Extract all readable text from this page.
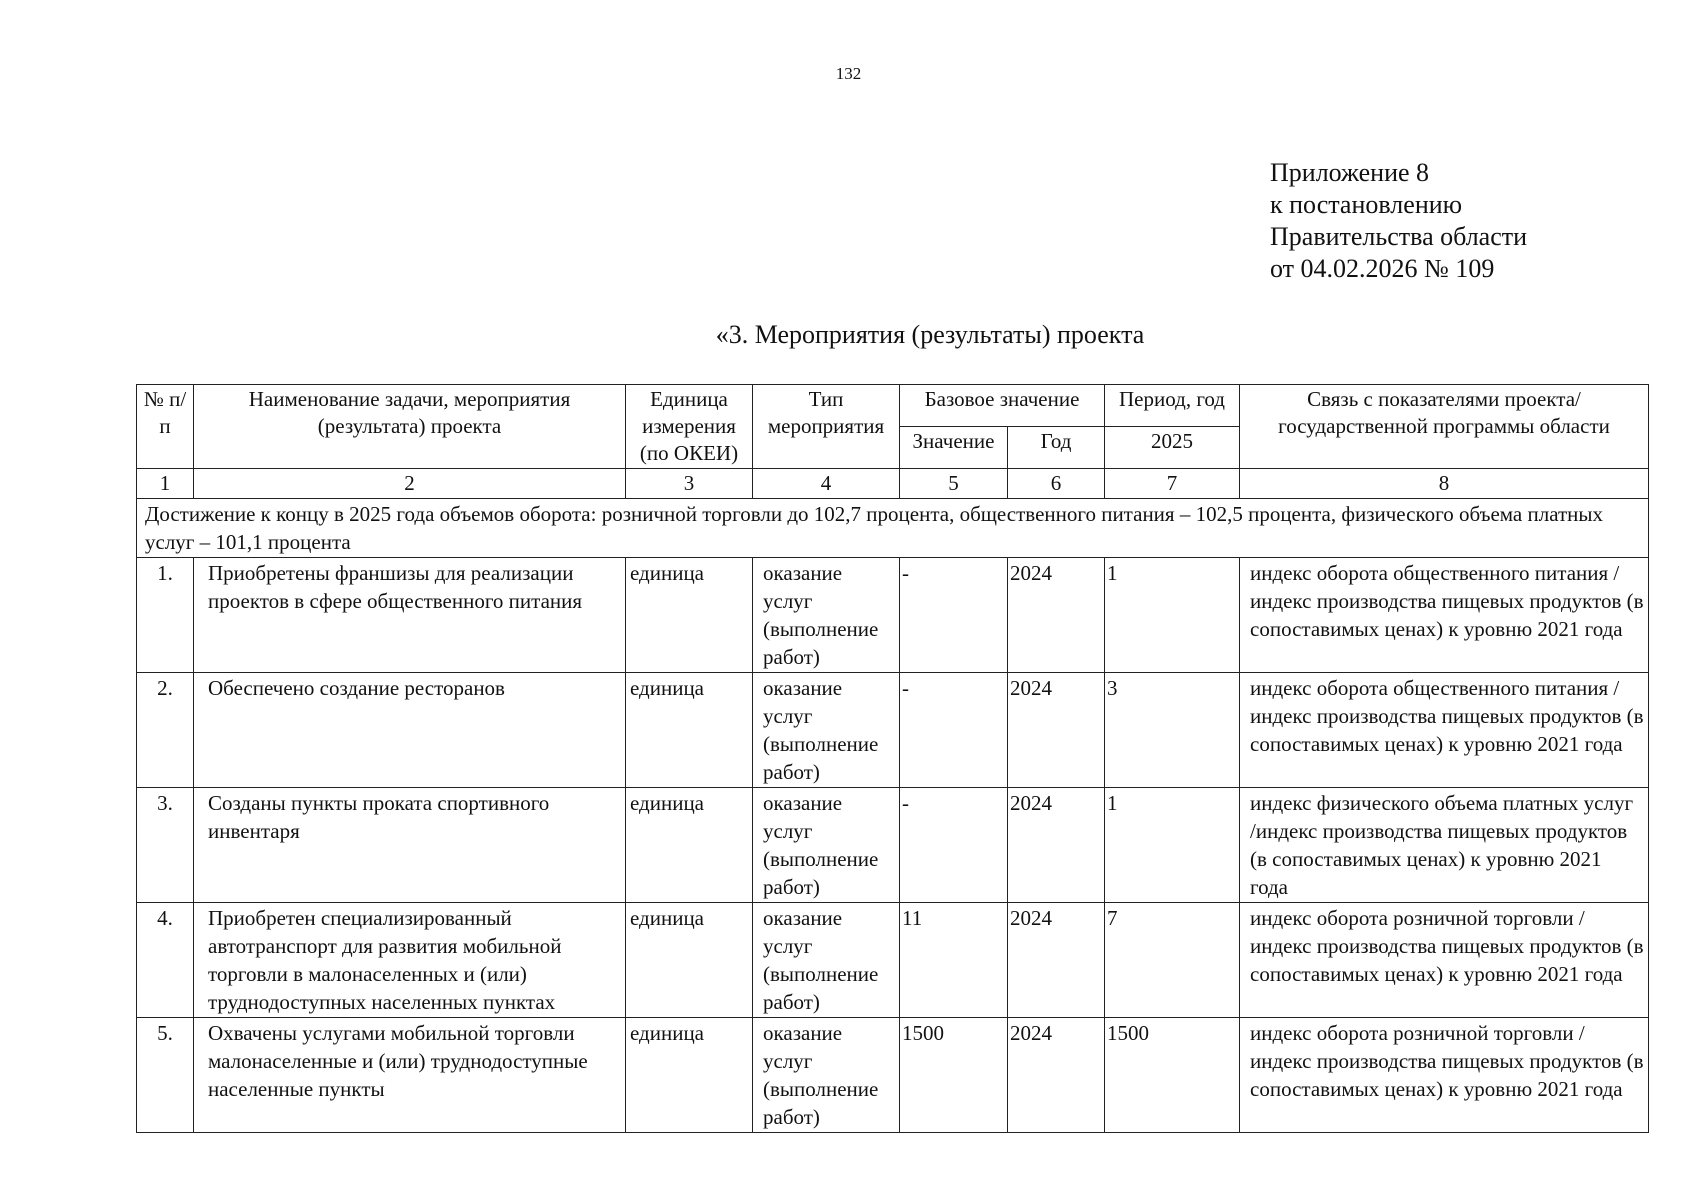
132
Приложение 8
к постановлению
Правительства области
от 04.02.2026 № 109
«3. Мероприятия (результаты) проекта
№ п/п	Наименование задачи, мероприятия (результата) проекта	Единица измерения (по ОКЕИ)	Тип мероприятия	Базовое значение		Период, год	Связь с показателями проекта/государственной программы области
				Значение	Год	2025	
1	2	3	4	5	6	7	8
Достижение к концу в 2025 года объемов оборота: розничной торговли до 102,7 процента, общественного питания – 102,5 процента, физического объема платных услуг – 101,1 процента							
1.	Приобретены франшизы для реализации проектов в сфере общественного питания	единица	оказание услуг (выполнение работ)	-	2024	1	индекс оборота общественного питания /индекс производства пищевых продуктов (в сопоставимых ценах) к уровню 2021 года
2.	Обеспечено создание ресторанов	единица	оказание услуг (выполнение работ)	-	2024	3	индекс оборота общественного питания /индекс производства пищевых продуктов (в сопоставимых ценах) к уровню 2021 года
3.	Созданы пункты проката спортивного инвентаря	единица	оказание услуг (выполнение работ)	-	2024	1	индекс физического объема платных услуг /индекс производства пищевых продуктов (в сопоставимых ценах) к уровню 2021 года
4.	Приобретен специализированный автотранспорт для развития мобильной торговли в малонаселенных и (или) труднодоступных населенных пунктах	единица	оказание услуг (выполнение работ)	11	2024	7	индекс оборота розничной торговли /индекс производства пищевых продуктов (в сопоставимых ценах) к уровню 2021 года
5.	Охвачены услугами мобильной торговли малонаселенные и (или) труднодоступные населенные пункты	единица	оказание услуг (выполнение работ)	1500	2024	1500	индекс оборота розничной торговли /индекс производства пищевых продуктов (в сопоставимых ценах) к уровню 2021 года
